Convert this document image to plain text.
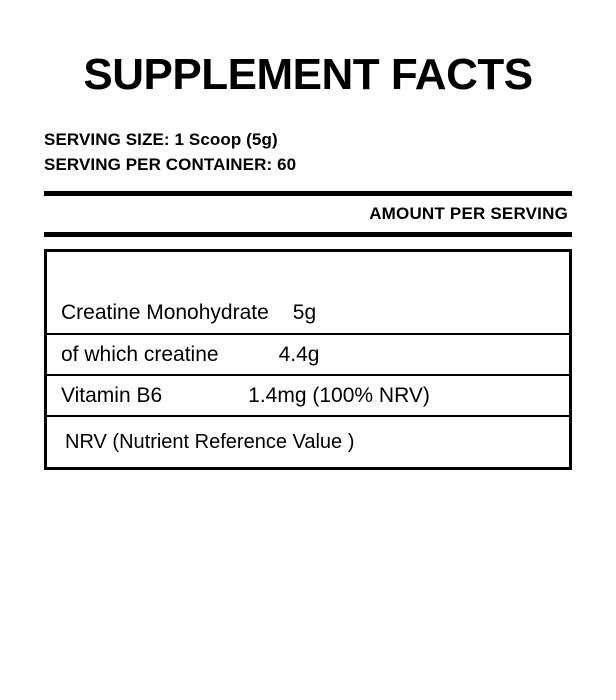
SUPPLEMENT FACTS
SERVING SIZE: 1 Scoop (5g)
SERVING PER CONTAINER: 60
AMOUNT PER SERVING
Creatine Monohydrate 5g
of which creatine	4.4g
Vitamin B6	1.4mg (100% NRV)
NRV (Nutrient Reference Value )
